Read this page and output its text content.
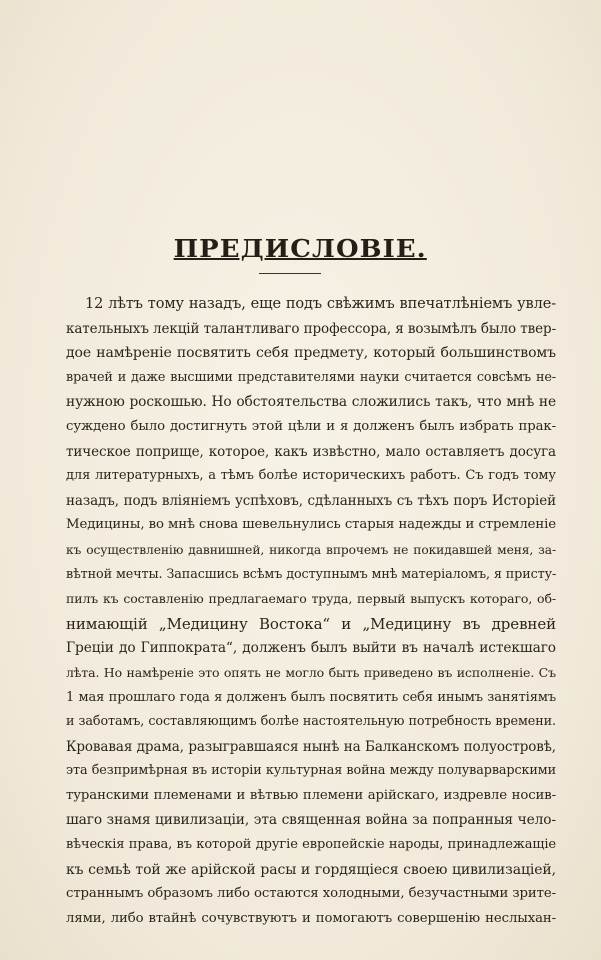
ПРЕДИСЛОВІЕ.
12 лѣтъ тому назадъ, еще подъ свѣжимъ впечатлѣніемъ увле-
кательныхъ лекцій талантливаго профессора, я возымѣлъ было твер-
дое намѣреніе посвятить себя предмету, который большинствомъ
врачей и даже высшими представителями науки считается совсѣмъ не-
нужною роскошью. Но обстоятельства сложились такъ, что мнѣ не
суждено было достигнуть этой цѣли и я долженъ былъ избрать прак-
тическое поприще, которое, какъ извѣстно, мало оставляетъ досуга
для литературныхъ, а тѣмъ болѣе историческихъ работъ. Съ годъ тому
назадъ, подъ вліяніемъ успѣховъ, сдѣланныхъ съ тѣхъ поръ Исторіей
Медицины, во мнѣ снова шевельнулись старыя надежды и стремленіе
къ осуществленію давнишней, никогда впрочемъ не покидавшей меня, за-
вѣтной мечты. Запасшись всѣмъ доступнымъ мнѣ матеріаломъ, я присту-
пилъ къ составленію предлагаемаго труда, первый выпускъ котораго, об-
нимающій „Медицину Востока“ и „Медицину въ древней
Греціи до Гиппократа“, долженъ былъ выйти въ началѣ истекшаго
лѣта. Но намѣреніе это опять не могло быть приведено въ исполненіе. Съ
1 мая прошлаго года я долженъ былъ посвятить себя инымъ занятіямъ
и заботамъ, составляющимъ болѣе настоятельную потребность времени.
Кровавая драма, разыгравшаяся нынѣ на Балканскомъ полуостровѣ,
эта безпримѣрная въ исторіи культурная война между полуварварскими
туранскими племенами и вѣтвью племени арійскаго, издревле носив-
шаго знамя цивилизаціи, эта священная война за попранныя чело-
вѣческія права, въ которой другіе европейскіе народы, принадлежащіе
къ семьѣ той же арійской расы и гордящіеся своею цивилизаціей,
страннымъ образомъ либо остаются холодными, безучастными зрите-
лями, либо втайнѣ сочувствуютъ и помогаютъ совершенію неслыхан-
